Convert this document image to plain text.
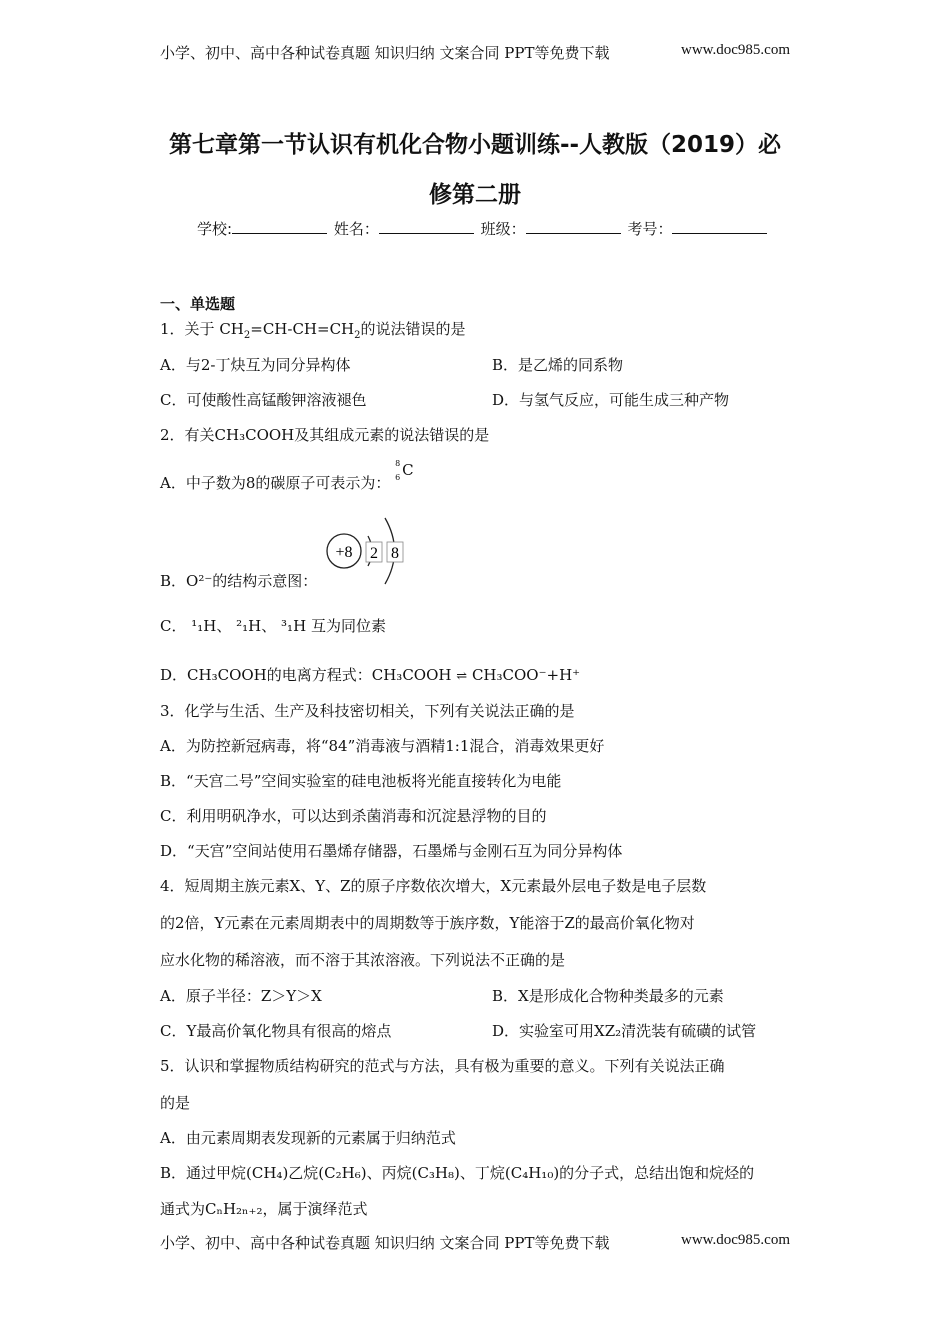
小学、初中、高中各种试卷真题 知识归纳 文案合同 PPT等免费下载	www.doc985.com
第七章第一节认识有机化合物小题训练--人教版（2019）必
修第二册
学校:	姓名：	班级：	考号：
一、单选题
1．关于 $CH_2=CH-CH=CH_2$的说法错误的是
A．与2-丁炔互为同分异构体	B．是乙烯的同系物
C．可使酸性高锰酸钾溶液褪色	D．与氢气反应，可能生成三种产物
2．有关CH₃COOH及其组成元素的说法错误的是
A．中子数为8的碳原子可表示为：
8
6 C
+8 2 8
B．O²⁻的结构示意图：
C． ¹₁H、 ²₁H、 ³₁H 互为同位素
D．CH₃COOH的电离方程式：CH₃COOH ⇌ CH₃COO⁻+H⁺
3．化学与生活、生产及科技密切相关，下列有关说法正确的是
A．为防控新冠病毒，将“84”消毒液与酒精1:1混合，消毒效果更好
B．“天宫二号”空间实验室的硅电池板将光能直接转化为电能
C．利用明矾净水，可以达到杀菌消毒和沉淀悬浮物的目的
D．“天宫”空间站使用石墨烯存储器，石墨烯与金刚石互为同分异构体
4．短周期主族元素X、Y、Z的原子序数依次增大，X元素最外层电子数是电子层数
的2倍，Y元素在元素周期表中的周期数等于族序数，Y能溶于Z的最高价氧化物对
应水化物的稀溶液，而不溶于其浓溶液。下列说法不正确的是
A．原子半径：Z＞Y＞X	B．X是形成化合物种类最多的元素
C．Y最高价氧化物具有很高的熔点	D．实验室可用XZ₂清洗装有硫磺的试管
5．认识和掌握物质结构研究的范式与方法，具有极为重要的意义。下列有关说法正确
的是
A．由元素周期表发现新的元素属于归纳范式
B．通过甲烷(CH₄)乙烷(C₂H₆)、丙烷(C₃H₈)、丁烷(C₄H₁₀)的分子式，总结出饱和烷烃的
通式为CₙH₂ₙ₊₂，属于演绎范式
小学、初中、高中各种试卷真题 知识归纳 文案合同 PPT等免费下载	www.doc985.com
